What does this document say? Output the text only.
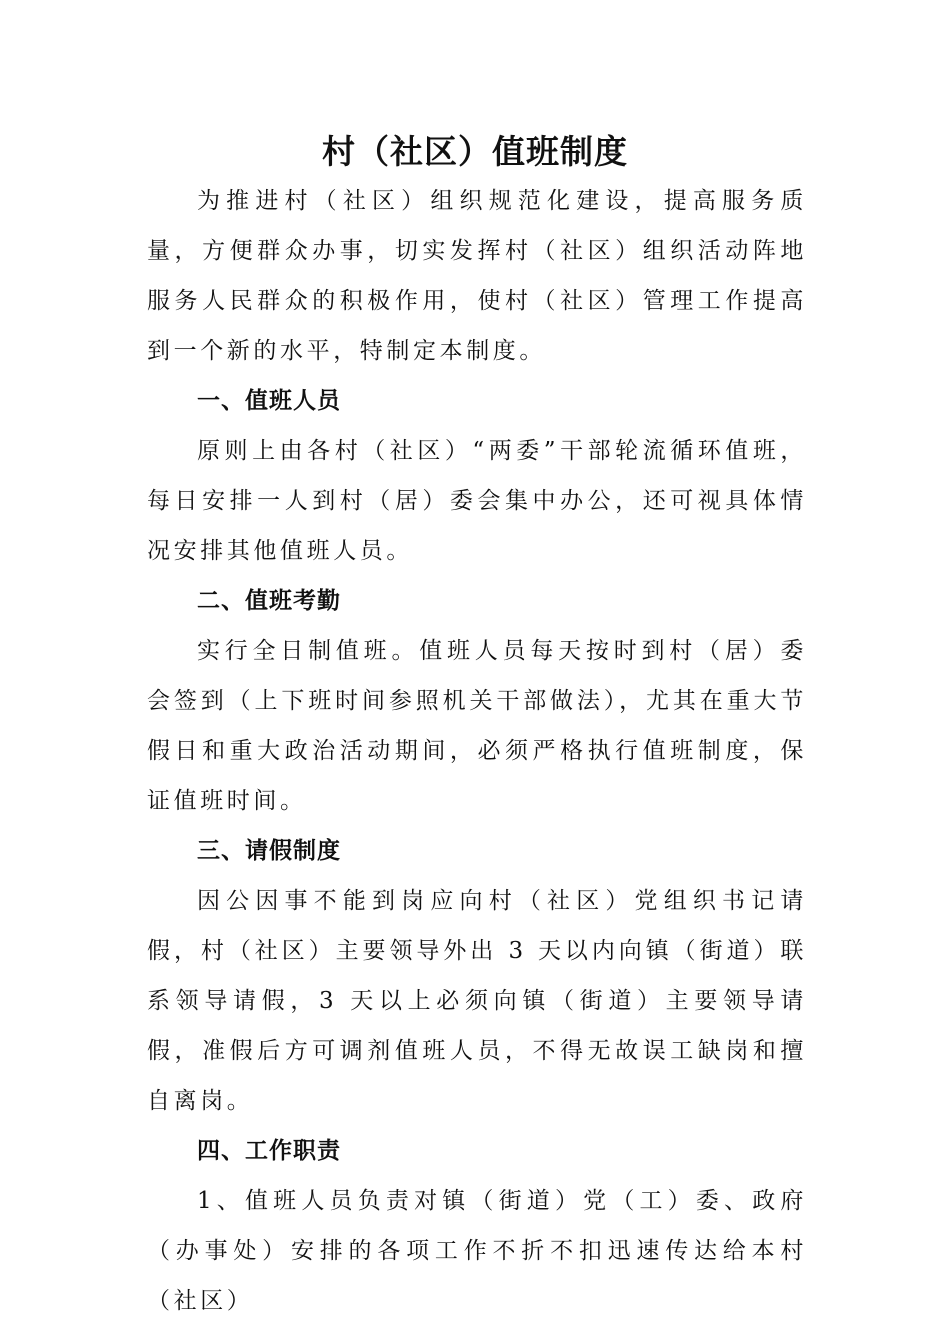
村（社区）值班制度

为推进村（社区）组织规范化建设，提高服务质量，方便群众办事，切实发挥村（社区）组织活动阵地服务人民群众的积极作用，使村（社区）管理工作提高到一个新的水平，特制定本制度。

一、值班人员

原则上由各村（社区）“两委”干部轮流循环值班，每日安排一人到村（居）委会集中办公，还可视具体情况安排其他值班人员。

二、值班考勤

实行全日制值班。值班人员每天按时到村（居）委会签到（上下班时间参照机关干部做法），尤其在重大节假日和重大政治活动期间，必须严格执行值班制度，保证值班时间。

三、请假制度

因公因事不能到岗应向村（社区）党组织书记请假，村（社区）主要领导外出 3 天以内向镇（街道）联系领导请假，3 天以上必须向镇（街道）主要领导请假，准假后方可调剂值班人员，不得无故误工缺岗和擅自离岗。

四、工作职责

1、值班人员负责对镇（街道）党（工）委、政府（办事处）安排的各项工作不折不扣迅速传达给本村（社区）
